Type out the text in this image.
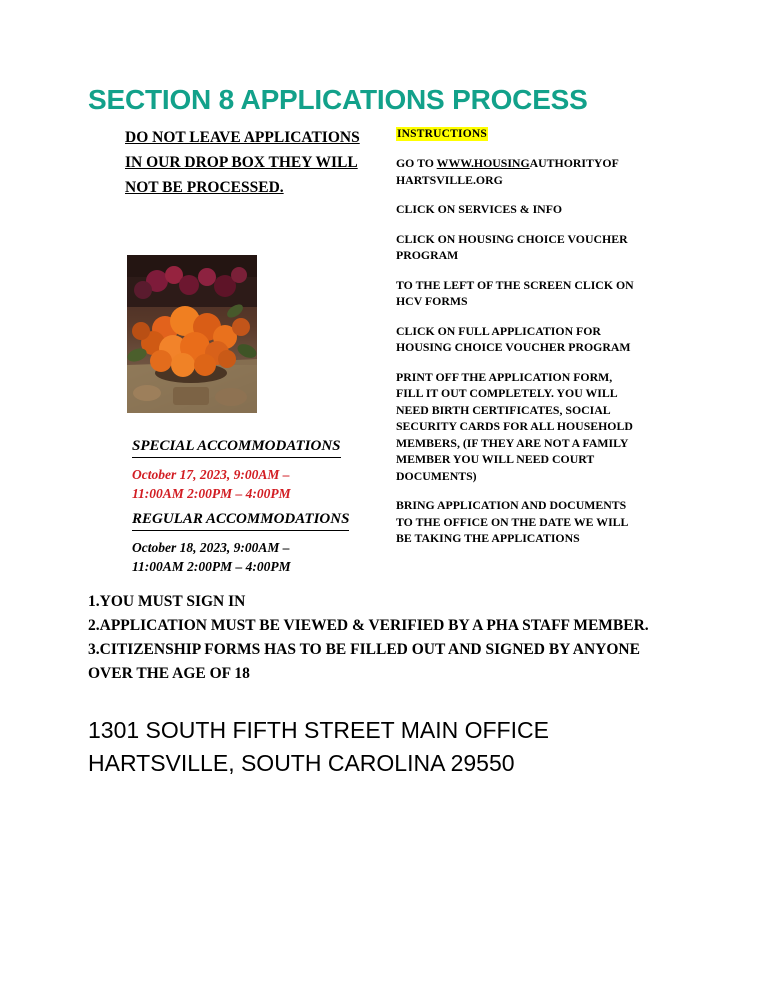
SECTION 8 APPLICATIONS PROCESS
DO NOT LEAVE APPLICATIONS IN OUR DROP BOX THEY WILL NOT BE PROCESSED.
SPECIAL ACCOMMODATIONS
October 17, 2023, 9:00AM –
11:00AM 2:00PM – 4:00PM
REGULAR ACCOMMODATIONS
October 18, 2023, 9:00AM –
11:00AM 2:00PM – 4:00PM
INSTRUCTIONS
GO TO WWW.HOUSINGAUTHORITYOF HARTSVILLE.ORG
CLICK ON SERVICES & INFO
CLICK ON HOUSING CHOICE VOUCHER PROGRAM
TO THE LEFT OF THE SCREEN CLICK ON HCV FORMS
CLICK ON FULL APPLICATION FOR HOUSING CHOICE VOUCHER PROGRAM
PRINT OFF THE APPLICATION FORM, FILL IT OUT COMPLETELY. YOU WILL NEED BIRTH CERTIFICATES, SOCIAL SECURITY CARDS FOR ALL HOUSEHOLD MEMBERS, (IF THEY ARE NOT A FAMILY MEMBER YOU WILL NEED COURT DOCUMENTS)
BRING APPLICATION AND DOCUMENTS TO THE OFFICE ON THE DATE WE WILL BE TAKING THE APPLICATIONS
1.YOU MUST SIGN IN
2.APPLICATION MUST BE VIEWED & VERIFIED BY A PHA STAFF MEMBER.
3.CITIZENSHIP FORMS HAS TO BE FILLED OUT AND SIGNED BY ANYONE OVER THE AGE OF 18
1301 SOUTH FIFTH STREET MAIN OFFICE
HARTSVILLE, SOUTH CAROLINA 29550
